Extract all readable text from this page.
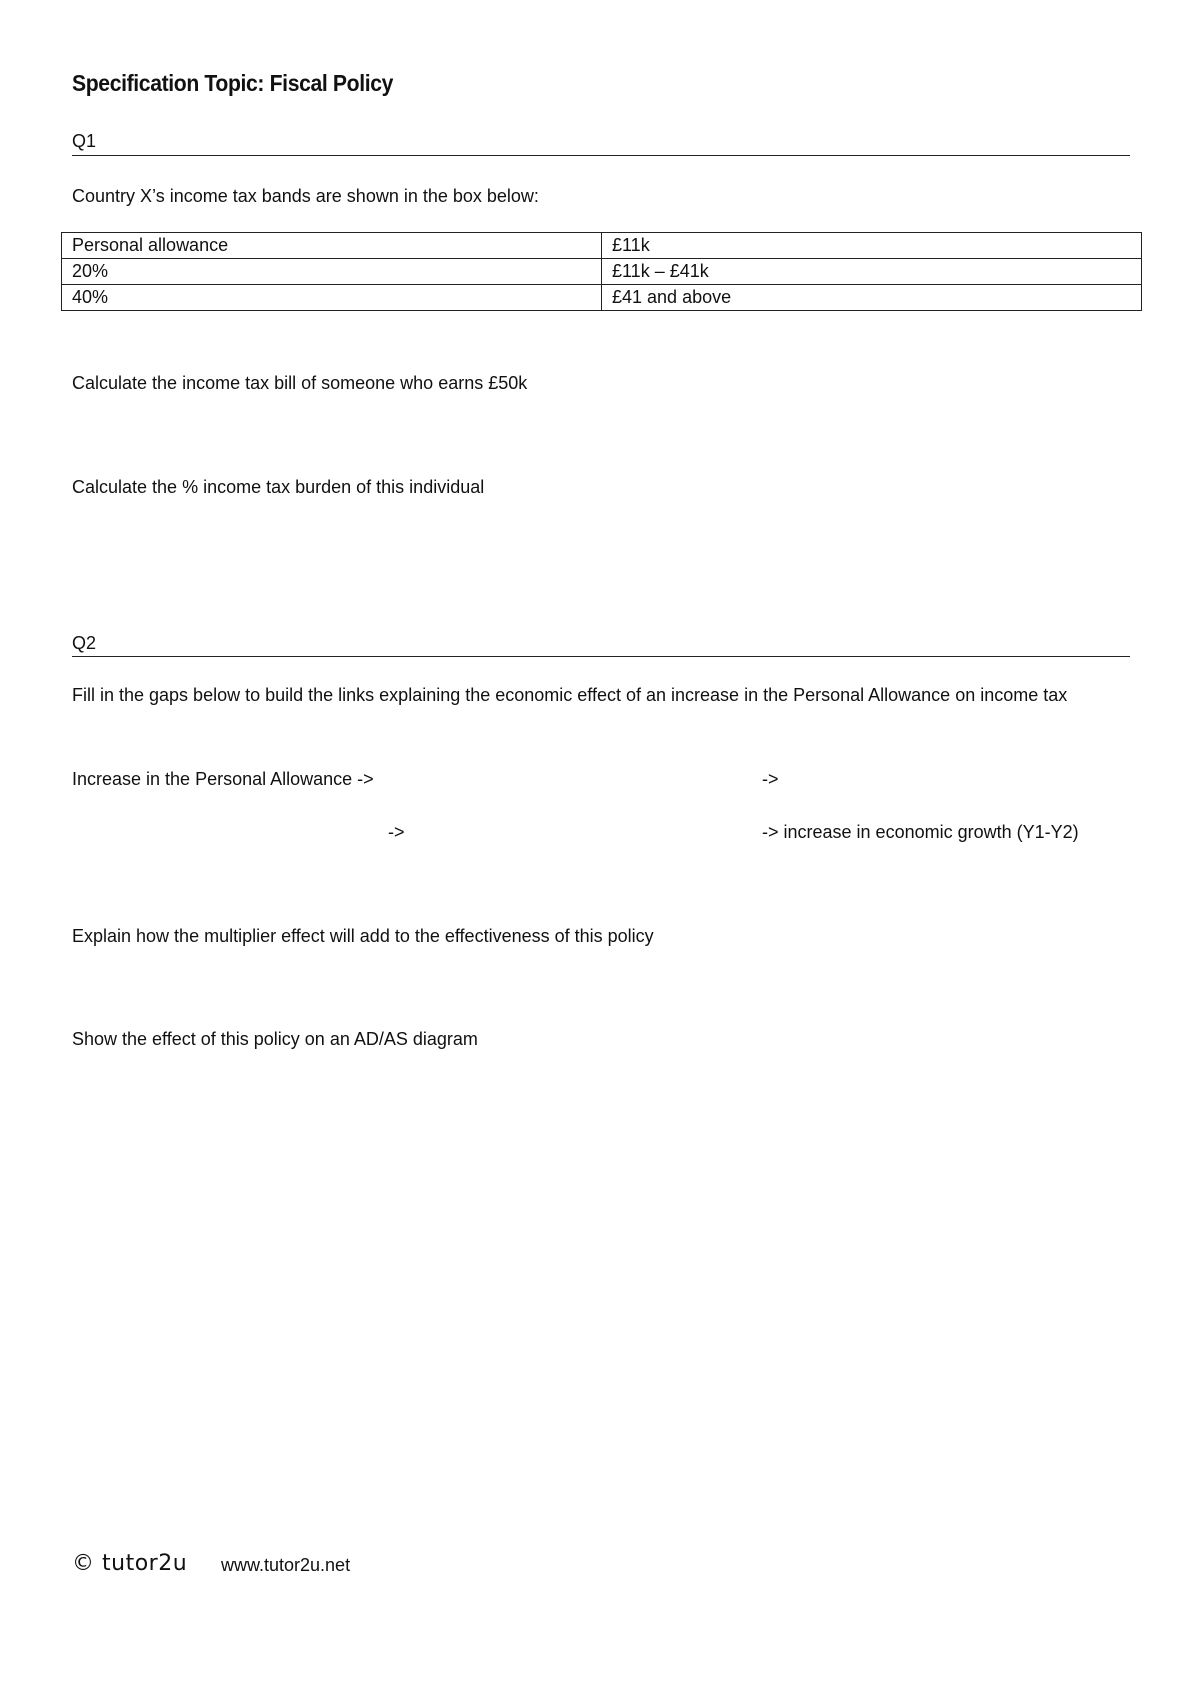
Specification Topic: Fiscal Policy
Q1
Country X’s income tax bands are shown in the box below:
Personal allowance	£11k
20%	£11k – £41k
40%	£41 and above
Calculate the income tax bill of someone who earns £50k
Calculate the % income tax burden of this individual
Q2
Fill in the gaps below to build the links explaining the economic effect of an increase in the Personal Allowance on income tax
Increase in the Personal Allowance ->	->
->	-> increase in economic growth (Y1-Y2)
Explain how the multiplier effect will add to the effectiveness of this policy
Show the effect of this policy on an AD/AS diagram
© tutor2u www.tutor2u.net
